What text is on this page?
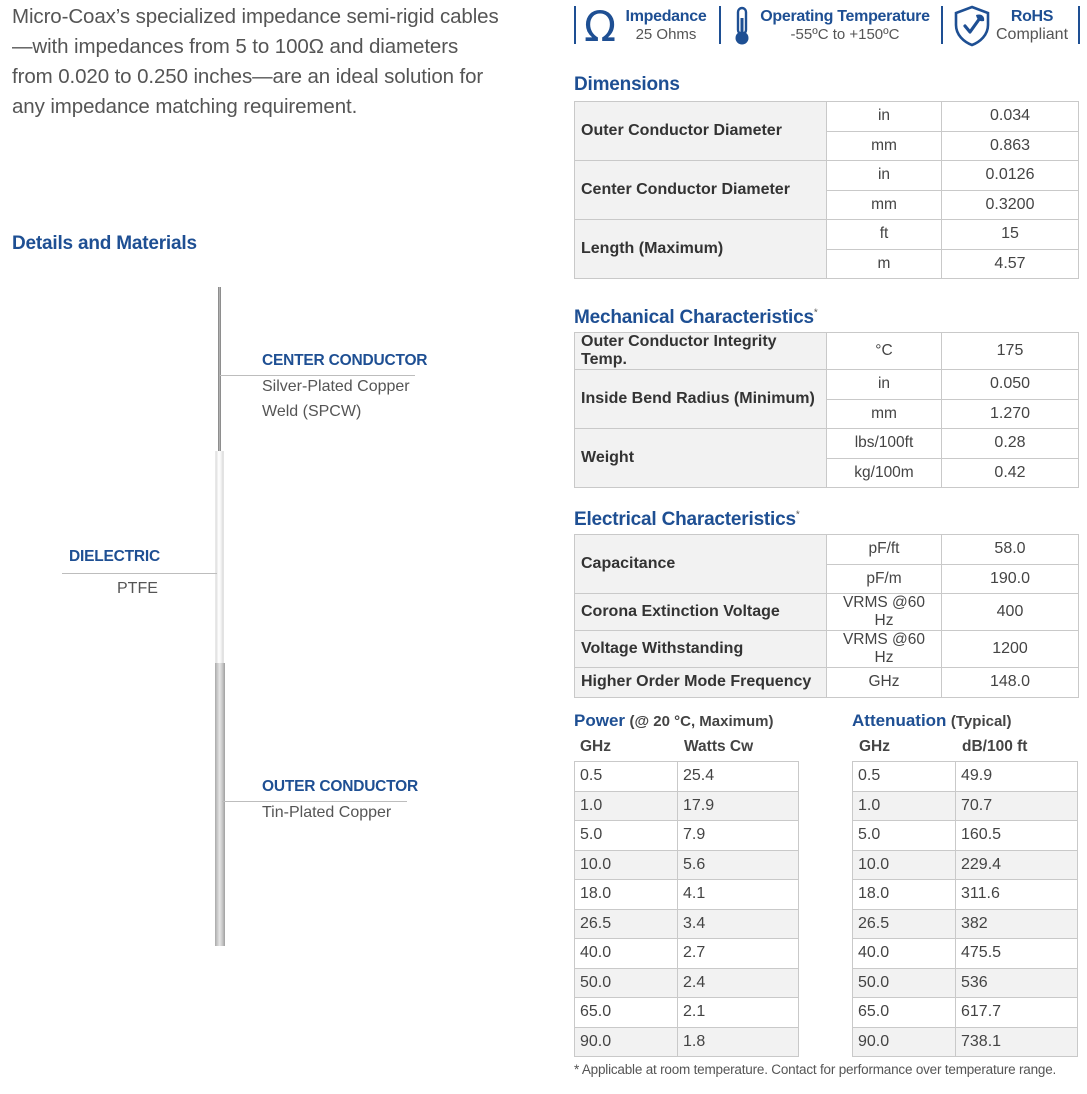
Micro-Coax’s specialized impedance semi-rigid cables—with impedances from 5 to 100Ω and diameters from 0.020 to 0.250 inches—are an ideal solution for any impedance matching requirement.

Ω Impedance
25 Ohms
Operating Temperature
-55ºC to +150ºC
RoHS
Compliant
Details and Materials
CENTER CONDUCTOR
Silver-Plated Copper
Weld (SPCW)
DIELECTRIC
PTFE
OUTER CONDUCTOR
Tin-Plated Copper
Dimensions
Outer Conductor Diameter	in	0.034
	mm	0.863
Center Conductor Diameter	in	0.0126
	mm	0.3200
Length (Maximum)	ft	15
	m	4.57
Mechanical Characteristics*
Outer Conductor Integrity Temp.	°C	175
Inside Bend Radius (Minimum)	in	0.050
	mm	1.270
Weight	lbs/100ft	0.28
	kg/100m	0.42
Electrical Characteristics*
Capacitance	pF/ft	58.0
	pF/m	190.0
Corona Extinction Voltage	VRMS @60 Hz	400
Voltage Withstanding	VRMS @60 Hz	1200
Higher Order Mode Frequency	GHz	148.0
Power (@ 20 °C, Maximum)
GHz	Watts Cw
0.5	25.4
1.0	17.9
5.0	7.9
10.0	5.6
18.0	4.1
26.5	3.4
40.0	2.7
50.0	2.4
65.0	2.1
90.0	1.8
Attenuation (Typical)
GHz	dB/100 ft
0.5	49.9
1.0	70.7
5.0	160.5
10.0	229.4
18.0	311.6
26.5	382
40.0	475.5
50.0	536
65.0	617.7
90.0	738.1
* Applicable at room temperature. Contact for performance over temperature range.
